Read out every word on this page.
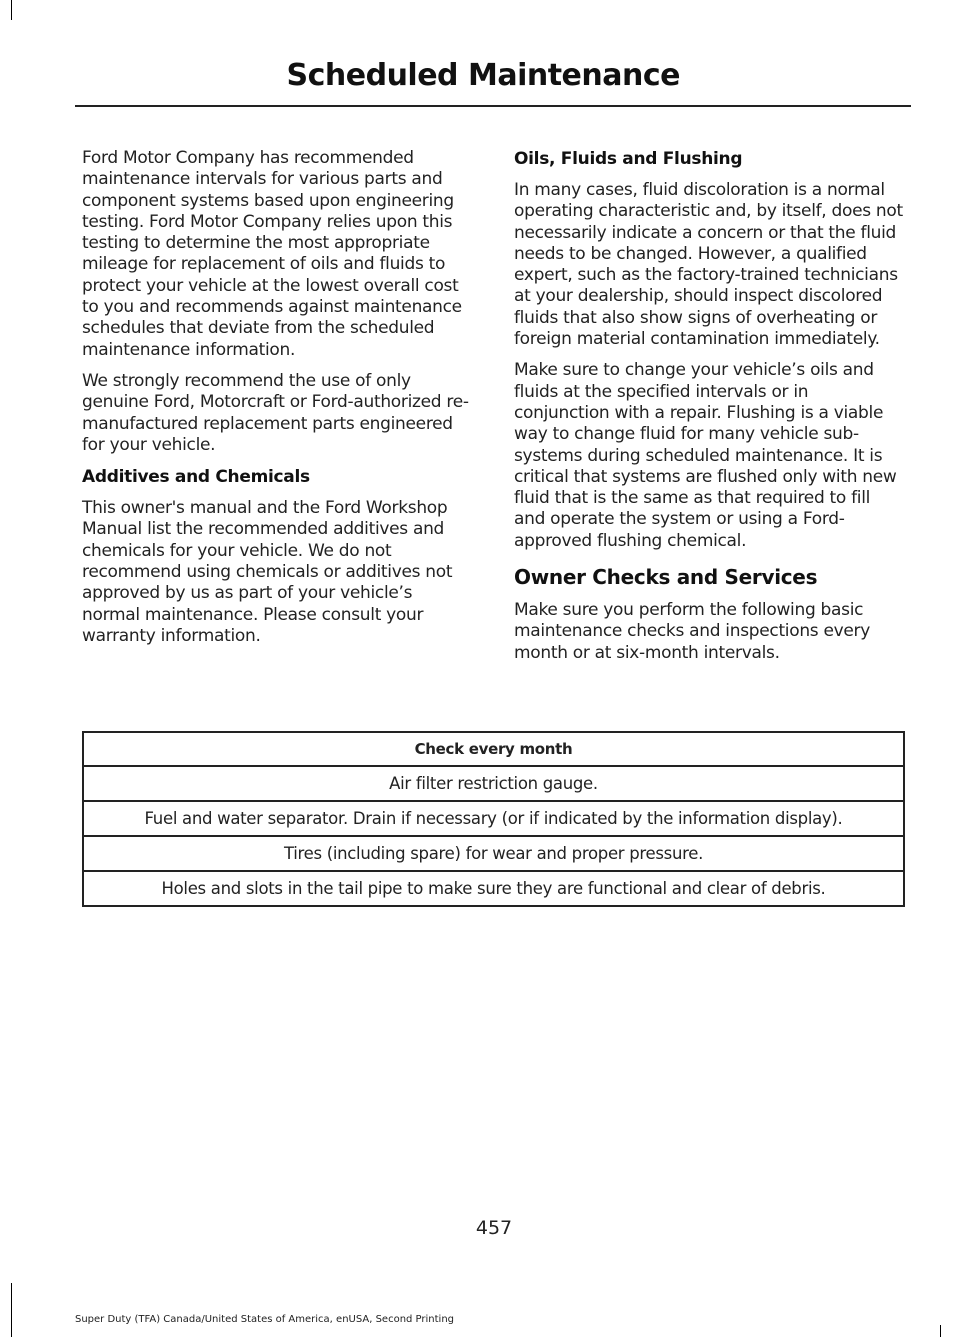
Scheduled Maintenance

Ford Motor Company has recommended maintenance intervals for various parts and component systems based upon engineering testing. Ford Motor Company relies upon this testing to determine the most appropriate mileage for replacement of oils and fluids to protect your vehicle at the lowest overall cost to you and recommends against maintenance schedules that deviate from the scheduled maintenance information.

We strongly recommend the use of only genuine Ford, Motorcraft or Ford-authorized re-manufactured replacement parts engineered for your vehicle.

Additives and Chemicals

This owner's manual and the Ford Workshop Manual list the recommended additives and chemicals for your vehicle. We do not recommend using chemicals or additives not approved by us as part of your vehicle’s normal maintenance. Please consult your warranty information.

Oils, Fluids and Flushing

In many cases, fluid discoloration is a normal operating characteristic and, by itself, does not necessarily indicate a concern or that the fluid needs to be changed. However, a qualified expert, such as the factory-trained technicians at your dealership, should inspect discolored fluids that also show signs of overheating or foreign material contamination immediately.

Make sure to change your vehicle’s oils and fluids at the specified intervals or in conjunction with a repair. Flushing is a viable way to change fluid for many vehicle sub-systems during scheduled maintenance. It is critical that systems are flushed only with new fluid that is the same as that required to fill and operate the system or using a Ford-approved flushing chemical.

Owner Checks and Services

Make sure you perform the following basic maintenance checks and inspections every month or at six-month intervals.

Check every month
Air filter restriction gauge.
Fuel and water separator. Drain if necessary (or if indicated by the information display).
Tires (including spare) for wear and proper pressure.
Holes and slots in the tail pipe to make sure they are functional and clear of debris.
457
Super Duty (TFA) Canada/United States of America, enUSA, Second Printing
